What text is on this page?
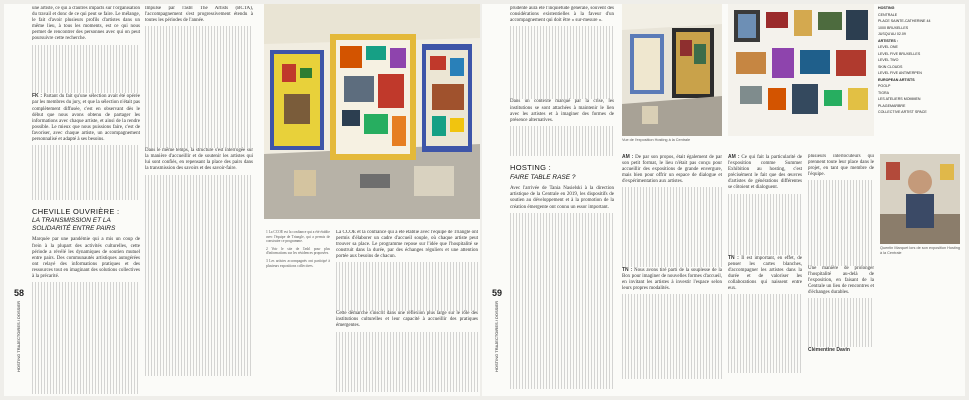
58
HOSTING TRAJECTOIRES / DOSSIER

une artiste, ce qui a d'autres impacts sur l'organisation du travail et donc de ce qui peut se faire. Le mélange, le fait d'avoir plusieurs profils d'artistes dans un même lieu, à tous les moments, est ce qui nous permet de rencontrer des personnes avec qui on peut poursuivre cette recherche.

FK : Partant du fait qu'une sélection avait été opérée par les membres du jury, et que la sélection n'était pas complètement diffusée, c'est en observant dès le début que nous avons obtenu de partager les informations avec chaque artiste, et ainsi de la rendre possible. Le mieux que nous puissions faire, c'est de favoriser, avec chaque artiste, un accompagnement personnalisé et adapté à ses besoins.

CHEVILLE OUVRIÈRE :
LA TRANSMISSION ET LA SOLIDARITÉ ENTRE PAIRS

Marquée par une pandémie qui a mis un coup de frein à la plupart des activités culturelles, cette période a révélé les dynamiques de soutien mutuel entre pairs. Des communautés artistiques autogérées ont relayé des informations pratiques et des ressources tout en imaginant des solutions collectives à la précarité.

Impulsé par l'asbl The Artists (BCTA), l'accompagnement s'est progressivement étendu à toutes les périodes de l'année.

Dans le même temps, la structure s'est interrogée sur la manière d'accueillir et de soutenir les artistes qui lui sont confiés, en repensant la place des pairs dans la transmission des savoirs et des savoir-faire.

1 La CCOE est la confiance qui a été établie avec l'équipe de Triangle, qui a permis de construire ce programme.

2 Voir le site de l'asbl pour plus d'informations sur les résidences proposées.

3 Les artistes accompagnés ont participé à plusieurs expositions collectives.

La CCOE et la confiance qui a été établie avec l'équipe de Triangle ont permis d'élaborer un cadre d'accueil souple, où chaque artiste peut trouver sa place. Le programme repose sur l'idée que l'hospitalité se construit dans la durée, par des échanges réguliers et une attention portée aux besoins de chacun.

Cette démarche s'inscrit dans une réflexion plus large sur le rôle des institutions culturelles et leur capacité à accueillir des pratiques émergentes.

59
HOSTING TRAJECTOIRES / DOSSIER

prudente aura été l'inquiétude générale, souvent des considérations existentielles à la faveur d'un accompagnement qui doit être « sur-mesure ».

Dans un contexte marqué par la crise, les institutions se sont attachées à maintenir le lien avec les artistes et à imaginer des formes de présence alternatives.

HOSTING :
FAIRE TABLE RASE ?

Avec l'arrivée de Tania Nasielski à la direction artistique de la Centrale en 2019, les dispositifs de soutien au développement et à la promotion de la création émergente ont connu un essor important.

Vue de l'exposition Hosting à la Centrale

AM : De par son propos, était également de par son petit format, le lieu n'était pas conçu pour accueillir des expositions de grande envergure, mais bien pour offrir un espace de dialogue et d'expérimentation aux artistes.

TN : Nous avons tiré parti de la souplesse de la Box pour imaginer de nouvelles formes d'accueil, en invitant les artistes à investir l'espace selon leurs propres modalités.

AM : Ce qui fait la particularité de l'exposition comme Summer Exhibition au hosting, c'est précisément le fait que des œuvres d'artistes de générations différentes se côtoient et dialoguent.

TN : Il est important, en effet, de penser les cartes blanches, d'accompagner les artistes dans la durée et de valoriser les collaborations qui naissent entre eux.

plusieurs interlocuteurs qui prennent toute leur place dans le projet, en tant que membre de l'équipe.

Une manière de prolonger l'hospitalité au-delà de l'exposition, en faisant de la Centrale un lieu de rencontres et d'échanges durables.

Clémentine Davin

HOSTING

CENTRALE

PLACE SAINTE-CATHERINE 44

1000 BRUXELLES

JUSQU'AU 02.09

ARTISTES :

LEVEL ONE

LEVEL FIVE BRUXELLES

LEVEL TWO

SKIN CLOUDS

LEVEL FIVE ANTWERPEN

EUROPEAN ARTISTS

POOLP

TIGRA

LES ATELIERS MOMMEN

PLAGEMARBRE

COLLECTIVE ARTIST SPACE

Quentin Marquet lors de son exposition Hosting à la Centrale
